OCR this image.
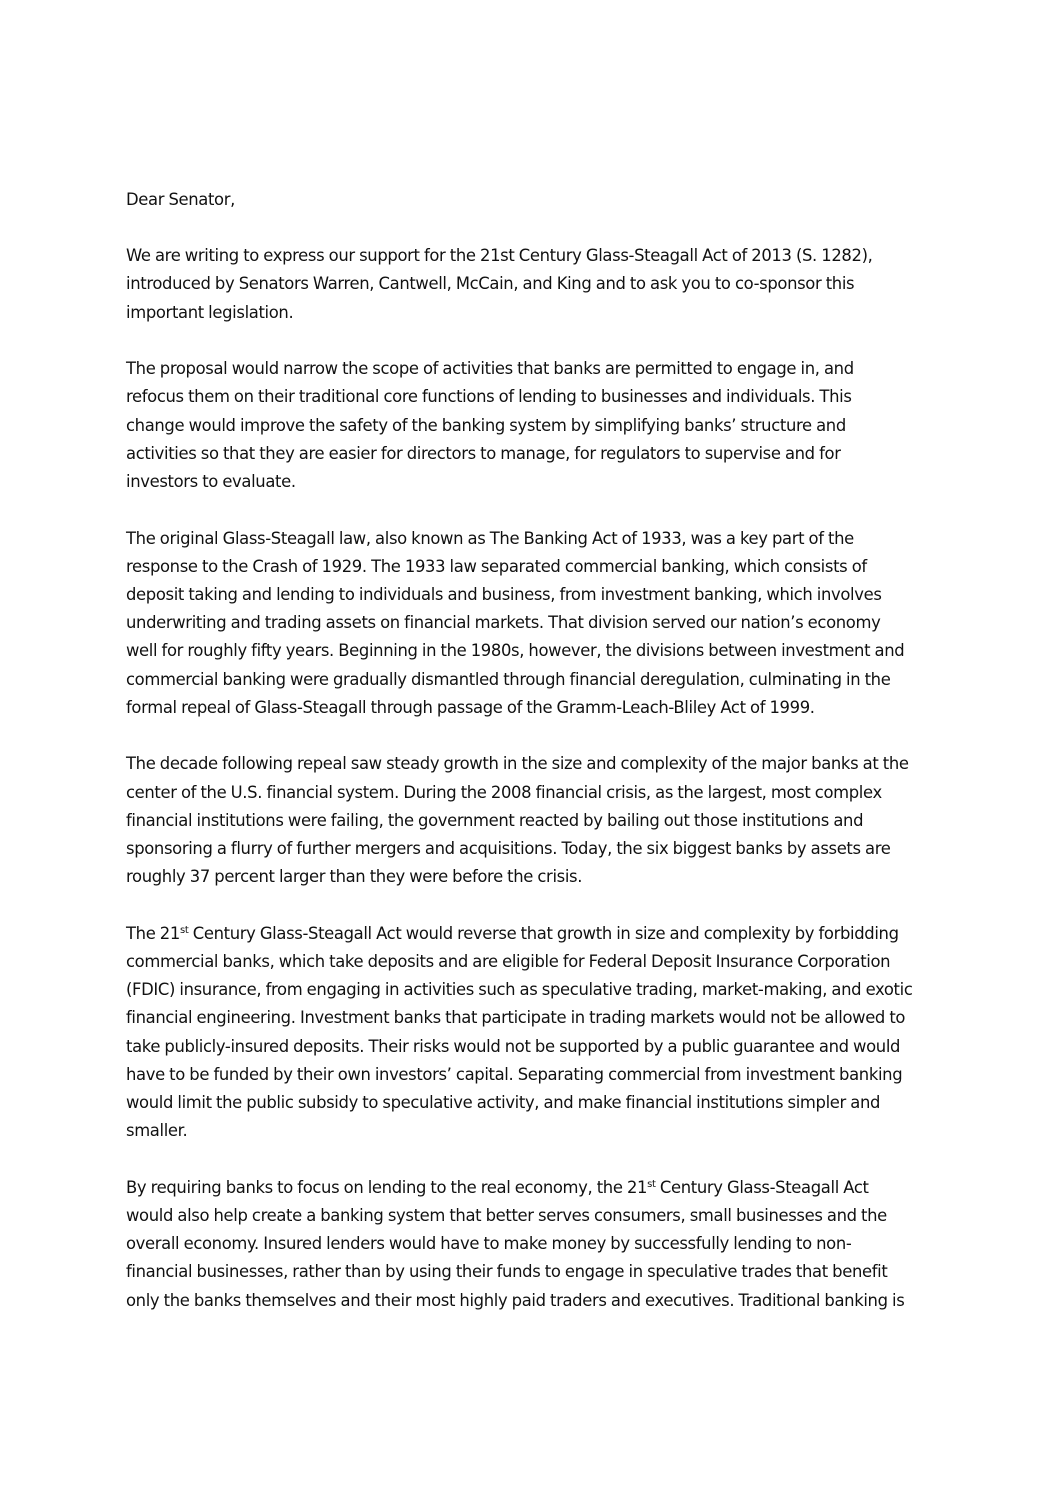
Dear Senator,
We are writing to express our support for the 21st Century Glass-Steagall Act of 2013 (S. 1282),
introduced by Senators Warren, Cantwell, McCain, and King and to ask you to co-sponsor this
important legislation.
The proposal would narrow the scope of activities that banks are permitted to engage in, and
refocus them on their traditional core functions of lending to businesses and individuals. This
change would improve the safety of the banking system by simplifying banks’ structure and
activities so that they are easier for directors to manage, for regulators to supervise and for
investors to evaluate.
The original Glass-Steagall law, also known as The Banking Act of 1933, was a key part of the
response to the Crash of 1929. The 1933 law separated commercial banking, which consists of
deposit taking and lending to individuals and business, from investment banking, which involves
underwriting and trading assets on financial markets. That division served our nation’s economy
well for roughly fifty years. Beginning in the 1980s, however, the divisions between investment and
commercial banking were gradually dismantled through financial deregulation, culminating in the
formal repeal of Glass-Steagall through passage of the Gramm-Leach-Bliley Act of 1999.
The decade following repeal saw steady growth in the size and complexity of the major banks at the
center of the U.S. financial system. During the 2008 financial crisis, as the largest, most complex
financial institutions were failing, the government reacted by bailing out those institutions and
sponsoring a flurry of further mergers and acquisitions. Today, the six biggest banks by assets are
roughly 37 percent larger than they were before the crisis.
The 21st Century Glass-Steagall Act would reverse that growth in size and complexity by forbidding
commercial banks, which take deposits and are eligible for Federal Deposit Insurance Corporation
(FDIC) insurance, from engaging in activities such as speculative trading, market-making, and exotic
financial engineering. Investment banks that participate in trading markets would not be allowed to
take publicly-insured deposits. Their risks would not be supported by a public guarantee and would
have to be funded by their own investors’ capital. Separating commercial from investment banking
would limit the public subsidy to speculative activity, and make financial institutions simpler and
smaller.
By requiring banks to focus on lending to the real economy, the 21st Century Glass-Steagall Act
would also help create a banking system that better serves consumers, small businesses and the
overall economy. Insured lenders would have to make money by successfully lending to non-
financial businesses, rather than by using their funds to engage in speculative trades that benefit
only the banks themselves and their most highly paid traders and executives. Traditional banking is
